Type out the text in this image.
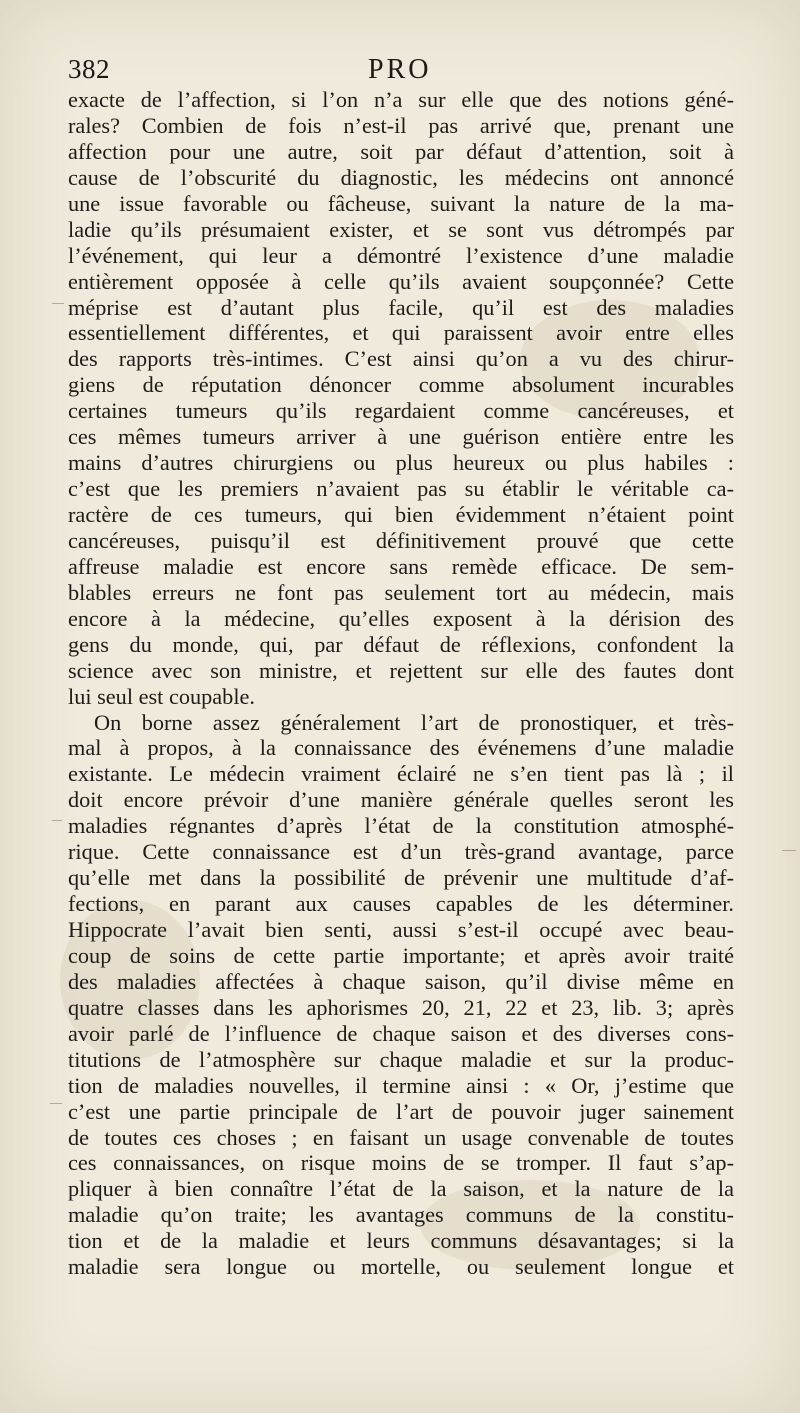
382	PRO
exacte de l’affection, si l’on n’a sur elle que des notions géné-
rales? Combien de fois n’est-il pas arrivé que, prenant une
affection pour une autre, soit par défaut d’attention, soit à
cause de l’obscurité du diagnostic, les médecins ont annoncé
une issue favorable ou fâcheuse, suivant la nature de la ma-
ladie qu’ils présumaient exister, et se sont vus détrompés par
l’événement, qui leur a démontré l’existence d’une maladie
entièrement opposée à celle qu’ils avaient soupçonnée? Cette
méprise est d’autant plus facile, qu’il est des maladies
essentiellement différentes, et qui paraissent avoir entre elles
des rapports très-intimes. C’est ainsi qu’on a vu des chirur-
giens de réputation dénoncer comme absolument incurables
certaines tumeurs qu’ils regardaient comme cancéreuses, et
ces mêmes tumeurs arriver à une guérison entière entre les
mains d’autres chirurgiens ou plus heureux ou plus habiles :
c’est que les premiers n’avaient pas su établir le véritable ca-
ractère de ces tumeurs, qui bien évidemment n’étaient point
cancéreuses, puisqu’il est définitivement prouvé que cette
affreuse maladie est encore sans remède efficace. De sem-
blables erreurs ne font pas seulement tort au médecin, mais
encore à la médecine, qu’elles exposent à la dérision des
gens du monde, qui, par défaut de réflexions, confondent la
science avec son ministre, et rejettent sur elle des fautes dont
lui seul est coupable.
On borne assez généralement l’art de pronostiquer, et très-
mal à propos, à la connaissance des événemens d’une maladie
existante. Le médecin vraiment éclairé ne s’en tient pas là ; il
doit encore prévoir d’une manière générale quelles seront les
maladies régnantes d’après l’état de la constitution atmosphé-
rique. Cette connaissance est d’un très-grand avantage, parce
qu’elle met dans la possibilité de prévenir une multitude d’af-
fections, en parant aux causes capables de les déterminer.
Hippocrate l’avait bien senti, aussi s’est-il occupé avec beau-
coup de soins de cette partie importante; et après avoir traité
des maladies affectées à chaque saison, qu’il divise même en
quatre classes dans les aphorismes 20, 21, 22 et 23, lib. 3; après
avoir parlé de l’influence de chaque saison et des diverses cons-
titutions de l’atmosphère sur chaque maladie et sur la produc-
tion de maladies nouvelles, il termine ainsi : « Or, j’estime que
c’est une partie principale de l’art de pouvoir juger sainement
de toutes ces choses ; en faisant un usage convenable de toutes
ces connaissances, on risque moins de se tromper. Il faut s’ap-
pliquer à bien connaître l’état de la saison, et la nature de la
maladie qu’on traite; les avantages communs de la constitu-
tion et de la maladie et leurs communs désavantages; si la
maladie sera longue ou mortelle, ou seulement longue et
